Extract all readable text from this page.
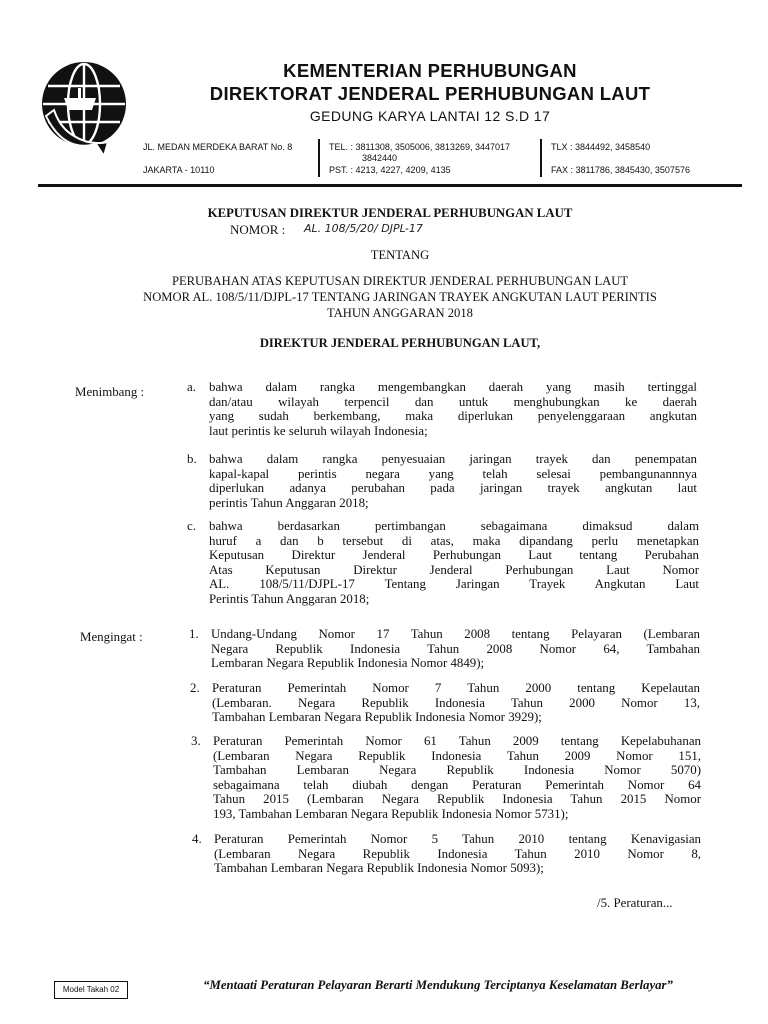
KEMENTERIAN PERHUBUNGAN
DIREKTORAT JENDERAL PERHUBUNGAN LAUT
GEDUNG KARYA LANTAI 12 S.D 17
JL. MEDAN MERDEKA BARAT No. 8
JAKARTA - 10110
TEL. : 3811308, 3505006, 3813269, 3447017
3842440
PST. : 4213, 4227, 4209, 4135
TLX : 3844492, 3458540
FAX : 3811786, 3845430, 3507576
KEPUTUSAN DIREKTUR JENDERAL PERHUBUNGAN LAUT
NOMOR : AL. 108/5/20/ DJPL-17
TENTANG
PERUBAHAN ATAS KEPUTUSAN DIREKTUR JENDERAL PERHUBUNGAN LAUT
NOMOR AL. 108/5/11/DJPL-17 TENTANG JARINGAN TRAYEK ANGKUTAN LAUT PERINTIS
TAHUN ANGGARAN 2018
DIREKTUR JENDERAL PERHUBUNGAN LAUT,
Menimbang :	a. bahwa dalam rangka mengembangkan daerah yang masih tertinggal
dan/atau wilayah terpencil dan untuk menghubungkan ke daerah
yang sudah berkembang, maka diperlukan penyelenggaraan angkutan
laut perintis ke seluruh wilayah Indonesia;
b. bahwa dalam rangka penyesuaian jaringan trayek dan penempatan
kapal-kapal perintis negara yang telah selesai pembangunannnya
diperlukan adanya perubahan pada jaringan trayek angkutan laut
perintis Tahun Anggaran 2018;
c. bahwa berdasarkan pertimbangan sebagaimana dimaksud dalam
huruf a dan b tersebut di atas, maka dipandang perlu menetapkan
Keputusan Direktur Jenderal Perhubungan Laut tentang Perubahan
Atas Keputusan Direktur Jenderal Perhubungan Laut Nomor
AL. 108/5/11/DJPL-17 Tentang Jaringan Trayek Angkutan Laut
Perintis Tahun Anggaran 2018;
Mengingat :	1. Undang-Undang Nomor 17 Tahun 2008 tentang Pelayaran (Lembaran
Negara Republik Indonesia Tahun 2008 Nomor 64, Tambahan
Lembaran Negara Republik Indonesia Nomor 4849);
2. Peraturan Pemerintah Nomor 7 Tahun 2000 tentang Kepelautan
(Lembaran. Negara Republik Indonesia Tahun 2000 Nomor 13,
Tambahan Lembaran Negara Republik Indonesia Nomor 3929);
3. Peraturan Pemerintah Nomor 61 Tahun 2009 tentang Kepelabuhanan
(Lembaran Negara Republik Indonesia Tahun 2009 Nomor 151,
Tambahan Lembaran Negara Republik Indonesia Nomor 5070)
sebagaimana telah diubah dengan Peraturan Pemerintah Nomor 64
Tahun 2015 (Lembaran Negara Republik Indonesia Tahun 2015 Nomor
193, Tambahan Lembaran Negara Republik Indonesia Nomor 5731);
4. Peraturan Pemerintah Nomor 5 Tahun 2010 tentang Kenavigasian
(Lembaran Negara Republik Indonesia Tahun 2010 Nomor 8,
Tambahan Lembaran Negara Republik Indonesia Nomor 5093);
/5. Peraturan...
Model Takah 02	“Mentaati Peraturan Pelayaran Berarti Mendukung Terciptanya Keselamatan Berlayar”
